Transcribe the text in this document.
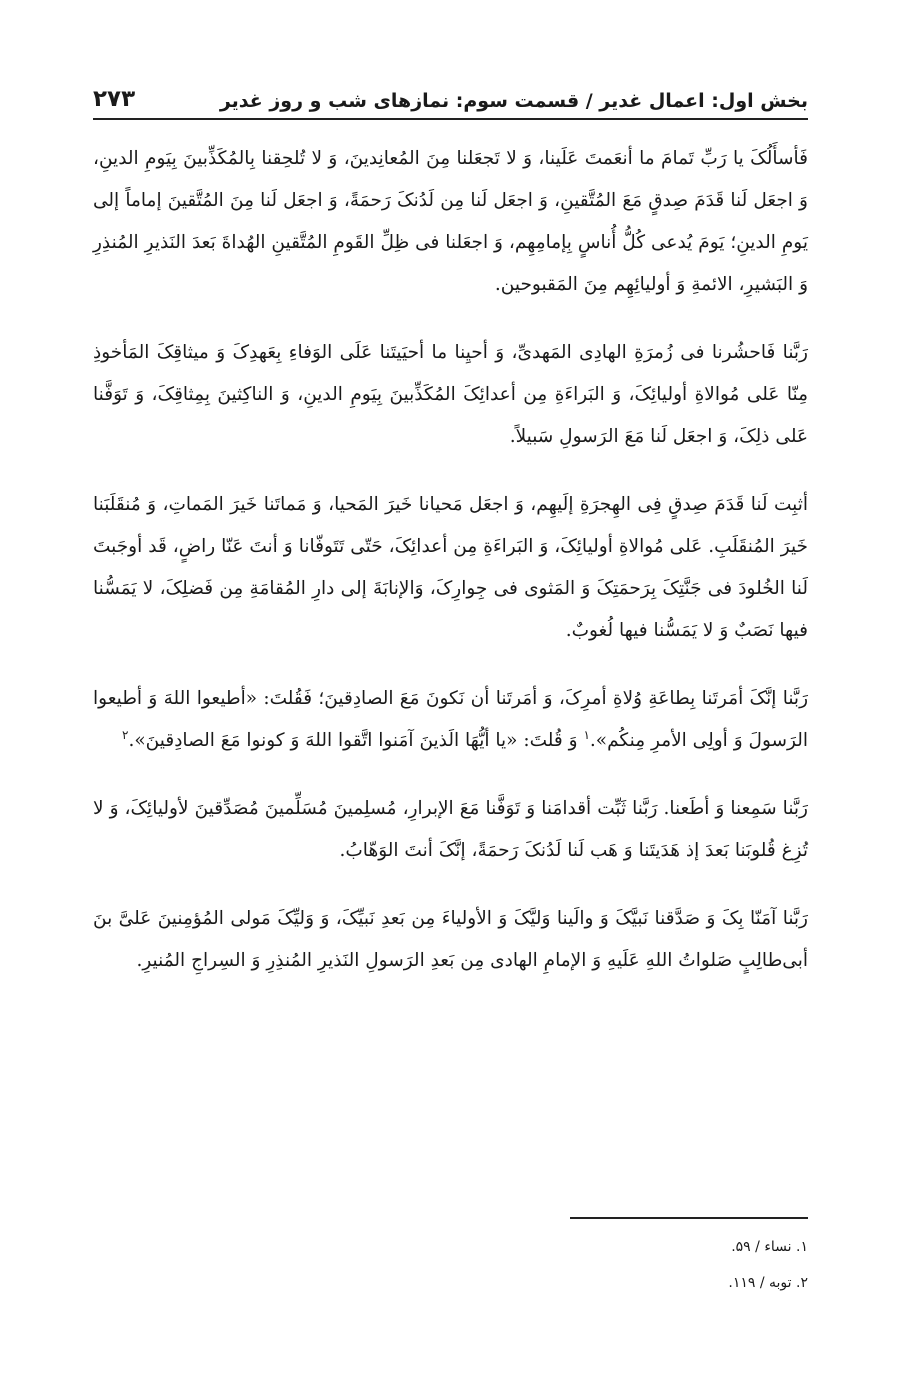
بخش اول: اعمال غدیر / قسمت سوم: نمازهای شب و روز غدیر
۲۷۳

فَأسأَلُکَ یا رَبِّ تَمامَ ما أنعَمتَ عَلَینا، وَ لا تَجعَلنا مِنَ المُعانِدینَ، وَ لا تُلحِقنا بِالمُکَذِّبینَ بِیَومِ الدینِ، وَ اجعَل لَنا قَدَمَ صِدقٍ مَعَ المُتَّقینِ، وَ اجعَل لَنا مِن لَدُنکَ رَحمَةً، وَ اجعَل لَنا مِنَ المُتَّقینَ إماماً إلی یَومِ الدینِ؛ یَومَ یُدعی کُلُّ أُناسٍ بِإمامِهِم، وَ اجعَلنا فی ظِلِّ القَومِ المُتَّقینِ الهُداةَ بَعدَ النَذیرِ المُنذِرِ وَ البَشیرِ، الائمةِ وَ أولیائِهِم مِنَ المَقبوحین.

رَبَّنا فَاحشُرنا فی زُمرَةِ الهادِی المَهدیِّ، وَ أحیِنا ما أحیَیتَنا عَلَی الوَفاءِ بِعَهدِکَ وَ میثاقِکَ المَأخوذِ مِنّا عَلی مُوالاةِ أولیائِکَ، وَ البَراءَةِ مِن أعدائِکَ المُکَذِّبینَ بِیَومِ الدینِ، وَ الناکِثینَ بِمِثاقِکَ، وَ تَوَفَّنا عَلی ذلِکَ، وَ اجعَل لَنا مَعَ الرَسولِ سَبیلاً.

أثبِت لَنا قَدَمَ صِدقٍ فِی الهِجرَةِ إلَیهِم، وَ اجعَل مَحیانا خَیرَ المَحیا، وَ مَماتَنا خَیرَ المَماتِ، وَ مُنقَلَبَنا خَیرَ المُنقَلَبِ. عَلی مُوالاةِ أولیائِکَ، وَ البَراءَةِ مِن أعدائِکَ، حَتّی تَتَوفّانا وَ أنتَ عَنّا راضٍ، قَد أوجَبتَ لَنا الخُلودَ فی جَنَّتِکَ بِرَحمَتِکَ وَ المَثوی فی جِوارِکَ، وَالإنابَةَ إلی دارِ المُقامَةِ مِن فَضلِکَ، لا یَمَسُّنا فیها نَصَبٌ وَ لا یَمَسُّنا فیها لُغوبٌ.

رَبَّنا إنَّکَ أمَرتَنا بِطاعَةِ وُلاةِ أمرِکَ، وَ أمَرتَنا أن نَکونَ مَعَ الصادِقینَ؛ فَقُلتَ: «أطیعوا اللهَ وَ أطیعوا الرَسولَ وَ أولِی الأمرِ مِنکُم».$^۱$ وَ قُلتَ: «یا أیُّهَا الَذینَ آمَنوا اتَّقوا اللهَ وَ کونوا مَعَ الصادِقینَ».$^۲$

رَبَّنا سَمِعنا وَ أطَعنا. رَبَّنا ثَبِّت أقدامَنا وَ تَوَفَّنا مَعَ الإبرارِ، مُسلِمینَ مُسَلِّمینَ مُصَدِّقینَ لأولیائِکَ، وَ لا تُزِغ قُلوبَنا بَعدَ إذ هَدَیتَنا وَ هَب لَنا لَدُنکَ رَحمَةً، إنَّکَ أنتَ الوَهّابُ.

رَبَّنا آمَنّا بِکَ وَ صَدَّقنا نَبیَّکَ وَ والَینا وَلیَّکَ وَ الأولیاءَ مِن بَعدِ نَبیِّکَ، وَ وَلیِّکَ مَولی المُؤمِنینَ عَلیَّ بنَ أبی‌طالِبٍ صَلواتُ اللهِ عَلَیهِ وَ الإمامِ الهادی مِن بَعدِ الرَسولِ النَذیرِ المُنذِرِ وَ السِراجِ المُنیرِ.

۱. نساء / ۵۹.

۲. توبه / ۱۱۹.
